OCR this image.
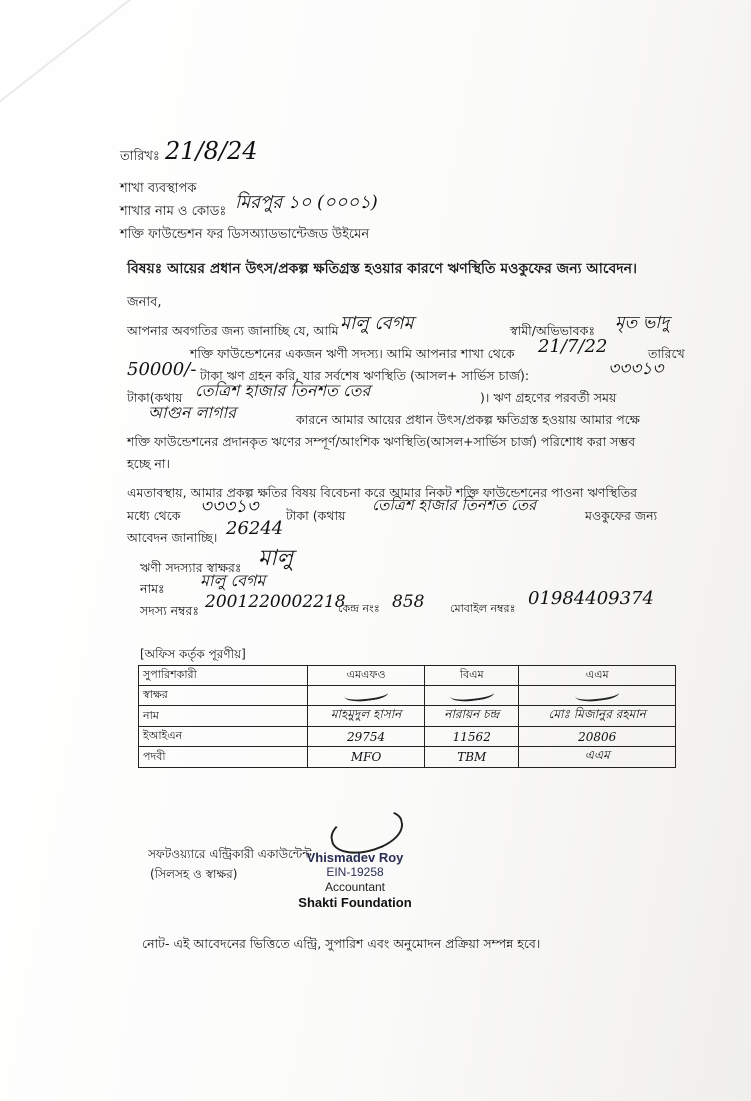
তারিখঃ 21/8/24
শাখা ব্যবস্থাপক
শাখার নাম ও কোডঃ মিরপুর ১০ (০০০১)
শক্তি ফাউন্ডেশন ফর ডিসঅ্যাডভান্টেজড উইমেন
বিষয়ঃ আয়ের প্রধান উৎস/প্রকল্প ক্ষতিগ্রস্ত হওয়ার কারণে ঋণস্থিতি মওকুফের জন্য আবেদন।
জনাব,
আপনার অবগতির জন্য জানাচ্ছি যে, আমি মালু বেগম	স্বামী/অভিভাবকঃ মৃত ভাদু
শক্তি ফাউন্ডেশনের একজন ঋণী সদস্য। আমি আপনার শাখা থেকে 21/7/22	তারিখে
50000/- টাকা ঋণ গ্রহন করি, যার সর্বশেষ ঋণস্থিতি (আসল+ সার্ভিস চার্জ):	৩৩৩১৩
টাকা(কথায় তেত্রিশ হাজার তিনশত তের	)। ঋণ গ্রহণের পরবর্তী সময়
আগুন লাগার	কারনে আমার আয়ের প্রধান উৎস/প্রকল্প ক্ষতিগ্রস্ত হওয়ায় আমার পক্ষে
শক্তি ফাউন্ডেশনের প্রদানকৃত ঋণের সম্পূর্ণ/আংশিক ঋণস্থিতি(আসল+সার্ভিস চার্জ) পরিশোধ করা সম্ভব
হচ্ছে না।
এমতাবস্থায়, আমার প্রকল্প ক্ষতির বিষয় বিবেচনা করে আমার নিকট শক্তি ফাউন্ডেশনের পাওনা ঋণস্থিতির
মধ্যে থেকে ৩৩৩১৩ টাকা (কথায়
তেত্রিশ হাজার তিনশত তের
মওকুফের জন্য
আবেদন জানাচ্ছি। 26244
ঋণী সদস্যার স্বাক্ষরঃ মালু
নামঃ মালু বেগম
সদস্য নম্বরঃ 2001220002218
কেন্দ্র নংঃ 858 মোবাইল নম্বরঃ 01984409374
[অফিস কর্তৃক পূরণীয়]
সুপারিশকারী	এমএফও	বিএম	এএম
স্বাক্ষর			
নাম	মাহমুদুল হাসান	নারায়ন চন্দ্র	মোঃ মিজানুর রহমান
ইআইএন	29754	11562	20806
পদবী	MFO	TBM	এএম
সফটওয়্যারে এন্ট্রিকারী একাউন্টেন্ট
(সিলসহ ও স্বাক্ষর)
Vhismadev Roy
EIN-19258
Accountant
Shakti Foundation
নোট- এই আবেদনের ভিত্তিতে এন্ট্রি, সুপারিশ এবং অনুমোদন প্রক্রিয়া সম্পন্ন হবে।
